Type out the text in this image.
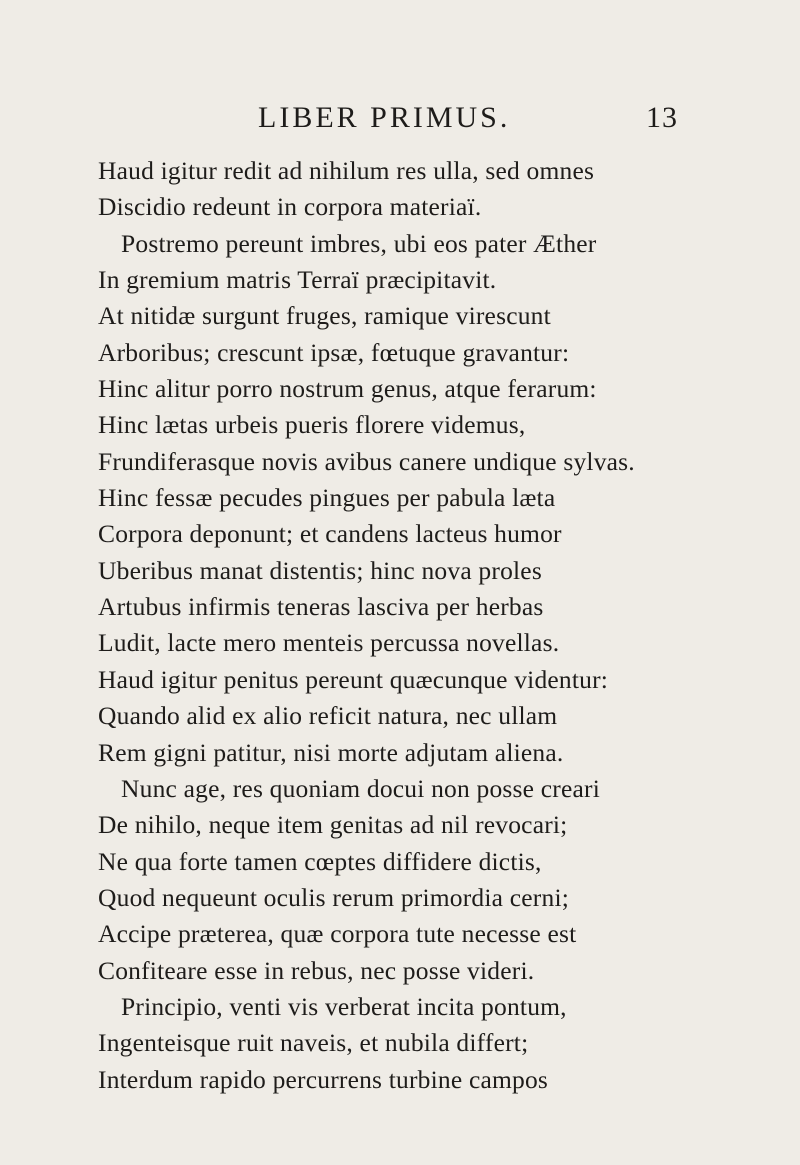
LIBER PRIMUS.	13
Haud igitur redit ad nihilum res ulla, sed omnes
Discidio redeunt in corpora materiaï.
Postremo pereunt imbres, ubi eos pater Æther
In gremium matris Terraï præcipitavit.
At nitidæ surgunt fruges, ramique virescunt
Arboribus; crescunt ipsæ, fœtuque gravantur:
Hinc alitur porro nostrum genus, atque ferarum:
Hinc lætas urbeis pueris florere videmus,
Frundiferasque novis avibus canere undique sylvas.
Hinc fessæ pecudes pingues per pabula læta
Corpora deponunt; et candens lacteus humor
Uberibus manat distentis; hinc nova proles
Artubus infirmis teneras lasciva per herbas
Ludit, lacte mero menteis percussa novellas.
Haud igitur penitus pereunt quæcunque videntur:
Quando alid ex alio reficit natura, nec ullam
Rem gigni patitur, nisi morte adjutam aliena.
Nunc age, res quoniam docui non posse creari
De nihilo, neque item genitas ad nil revocari;
Ne qua forte tamen cœptes diffidere dictis,
Quod nequeunt oculis rerum primordia cerni;
Accipe præterea, quæ corpora tute necesse est
Confiteare esse in rebus, nec posse videri.
Principio, venti vis verberat incita pontum,
Ingenteisque ruit naveis, et nubila differt;
Interdum rapido percurrens turbine campos
